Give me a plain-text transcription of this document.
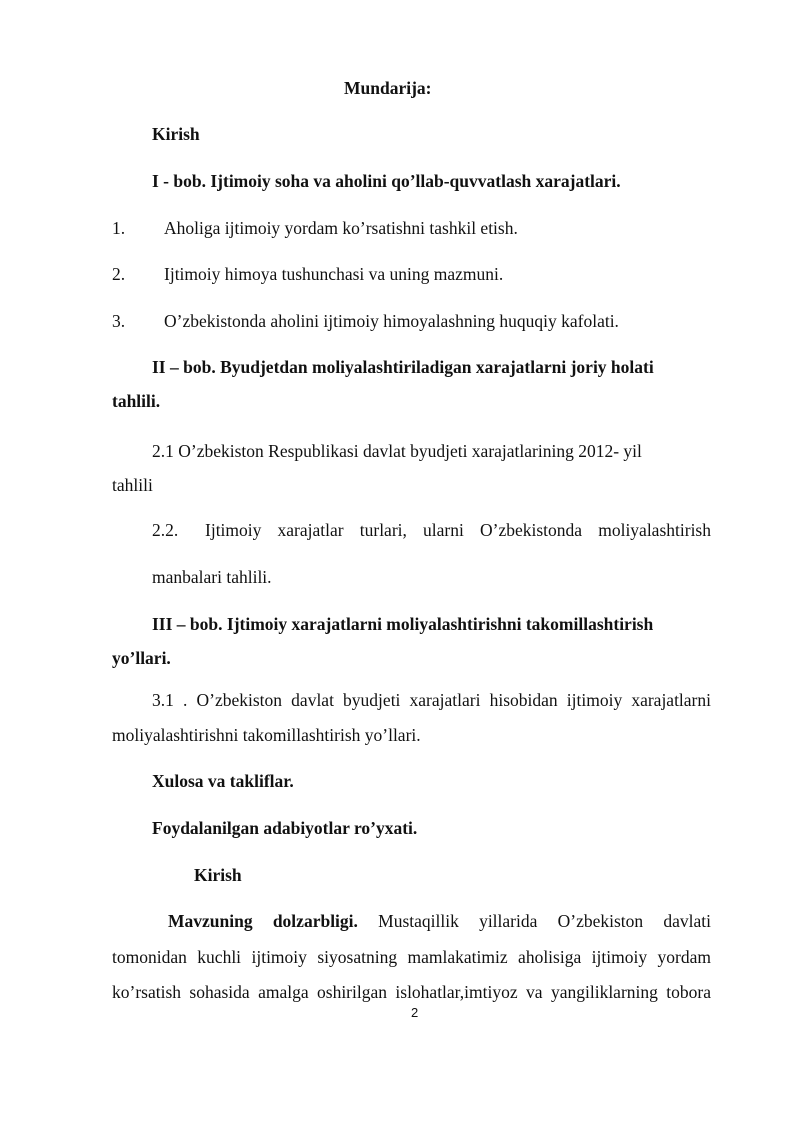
Mundarija:
Kirish
I - bob. Ijtimoiy soha va aholini qo’llab-quvvatlash xarajatlari.
1. Aholiga ijtimoiy yordam ko’rsatishni tashkil etish.
2. Ijtimoiy himoya tushunchasi va uning mazmuni.
3. O’zbekistonda aholini ijtimoiy himoyalashning huquqiy kafolati.
II – bob. Byudjetdan moliyalashtiriladigan xarajatlarni joriy holati
tahlili.
2.1 O’zbekiston Respublikasi davlat byudjeti xarajatlarining 2012- yil
tahlili
2.2. Ijtimoiy xarajatlar turlari, ularni O’zbekistonda moliyalashtirish
manbalari tahlili.
III – bob. Ijtimoiy xarajatlarni moliyalashtirishni takomillashtirish
yo’llari.
3.1 . O’zbekiston davlat byudjeti xarajatlari hisobidan ijtimoiy xarajatlarni
moliyalashtirishni takomillashtirish yo’llari.
Xulosa va takliflar.
Foydalanilgan adabiyotlar ro’yxati.
Kirish
Mavzuning dolzarbligi. Mustaqillik yillarida O’zbekiston davlati
tomonidan kuchli ijtimoiy siyosatning mamlakatimiz aholisiga ijtimoiy yordam
ko’rsatish sohasida amalga oshirilgan islohatlar,imtiyoz va yangiliklarning tobora
2
